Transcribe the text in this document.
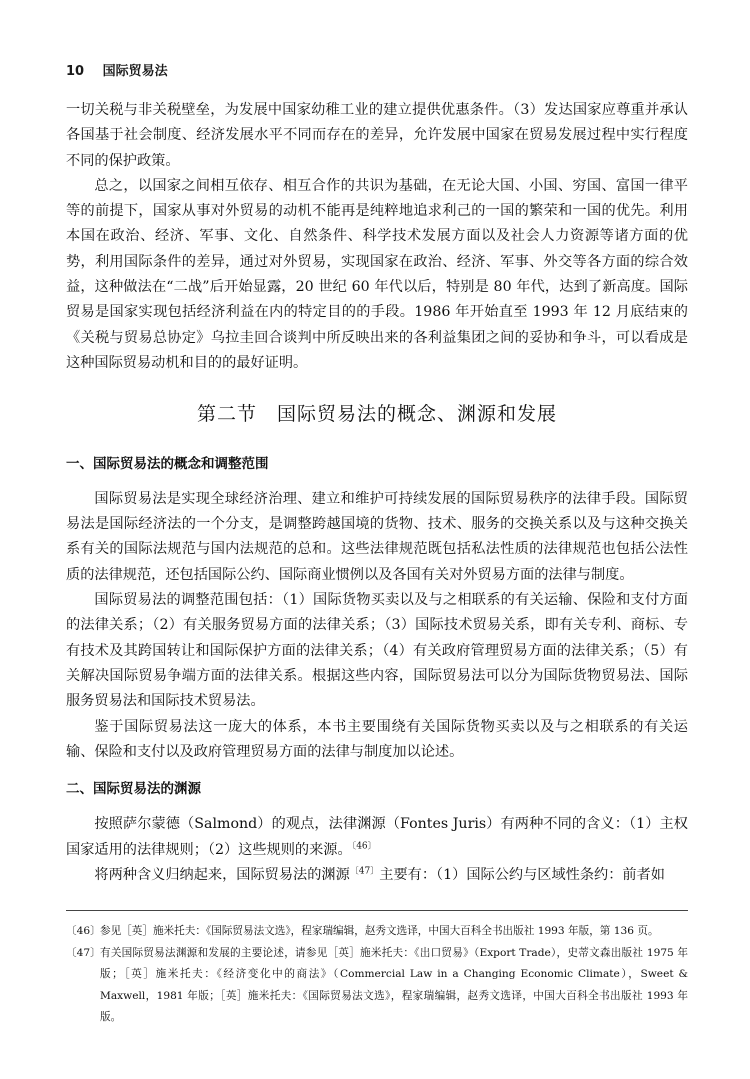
10 国际贸易法

一切关税与非关税壁垒，为发展中国家幼稚工业的建立提供优惠条件。（3）发达国家应尊重并承认各国基于社会制度、经济发展水平不同而存在的差异，允许发展中国家在贸易发展过程中实行程度不同的保护政策。

总之，以国家之间相互依存、相互合作的共识为基础，在无论大国、小国、穷国、富国一律平等的前提下，国家从事对外贸易的动机不能再是纯粹地追求利己的一国的繁荣和一国的优先。利用本国在政治、经济、军事、文化、自然条件、科学技术发展方面以及社会人力资源等诸方面的优势，利用国际条件的差异，通过对外贸易，实现国家在政治、经济、军事、外交等各方面的综合效益，这种做法在“二战”后开始显露，20 世纪 60 年代以后，特别是 80 年代，达到了新高度。国际贸易是国家实现包括经济利益在内的特定目的的手段。1986 年开始直至 1993 年 12 月底结束的《关税与贸易总协定》乌拉圭回合谈判中所反映出来的各利益集团之间的妥协和争斗，可以看成是这种国际贸易动机和目的的最好证明。

第二节　国际贸易法的概念、渊源和发展
一、国际贸易法的概念和调整范围

国际贸易法是实现全球经济治理、建立和维护可持续发展的国际贸易秩序的法律手段。国际贸易法是国际经济法的一个分支，是调整跨越国境的货物、技术、服务的交换关系以及与这种交换关系有关的国际法规范与国内法规范的总和。这些法律规范既包括私法性质的法律规范也包括公法性质的法律规范，还包括国际公约、国际商业惯例以及各国有关对外贸易方面的法律与制度。

国际贸易法的调整范围包括：（1）国际货物买卖以及与之相联系的有关运输、保险和支付方面的法律关系；（2）有关服务贸易方面的法律关系；（3）国际技术贸易关系，即有关专利、商标、专有技术及其跨国转让和国际保护方面的法律关系；（4）有关政府管理贸易方面的法律关系；（5）有关解决国际贸易争端方面的法律关系。根据这些内容，国际贸易法可以分为国际货物贸易法、国际服务贸易法和国际技术贸易法。

鉴于国际贸易法这一庞大的体系，本书主要围绕有关国际货物买卖以及与之相联系的有关运输、保险和支付以及政府管理贸易方面的法律与制度加以论述。

二、国际贸易法的渊源

按照萨尔蒙德（Salmond）的观点，法律渊源（Fontes Juris）有两种不同的含义：（1）主权国家适用的法律规则；（2）这些规则的来源。$^{〔46〕}$

将两种含义归纳起来，国际贸易法的渊源$^{〔47〕}$主要有：（1）国际公约与区域性条约：前者如

〔46〕 参见［英］施米托夫：《国际贸易法文选》，程家瑞编辑，赵秀文选译，中国大百科全书出版社 1993 年版，第 136 页。
〔47〕 有关国际贸易法渊源和发展的主要论述，请参见［英］施米托夫：《出口贸易》（Export Trade），史蒂文森出版社 1975 年版；［英］施米托夫：《经济变化中的商法》（Commercial Law in a Changing Economic Climate），Sweet & Maxwell，1981 年版；［英］施米托夫：《国际贸易法文选》，程家瑞编辑，赵秀文选译，中国大百科全书出版社 1993 年版。
